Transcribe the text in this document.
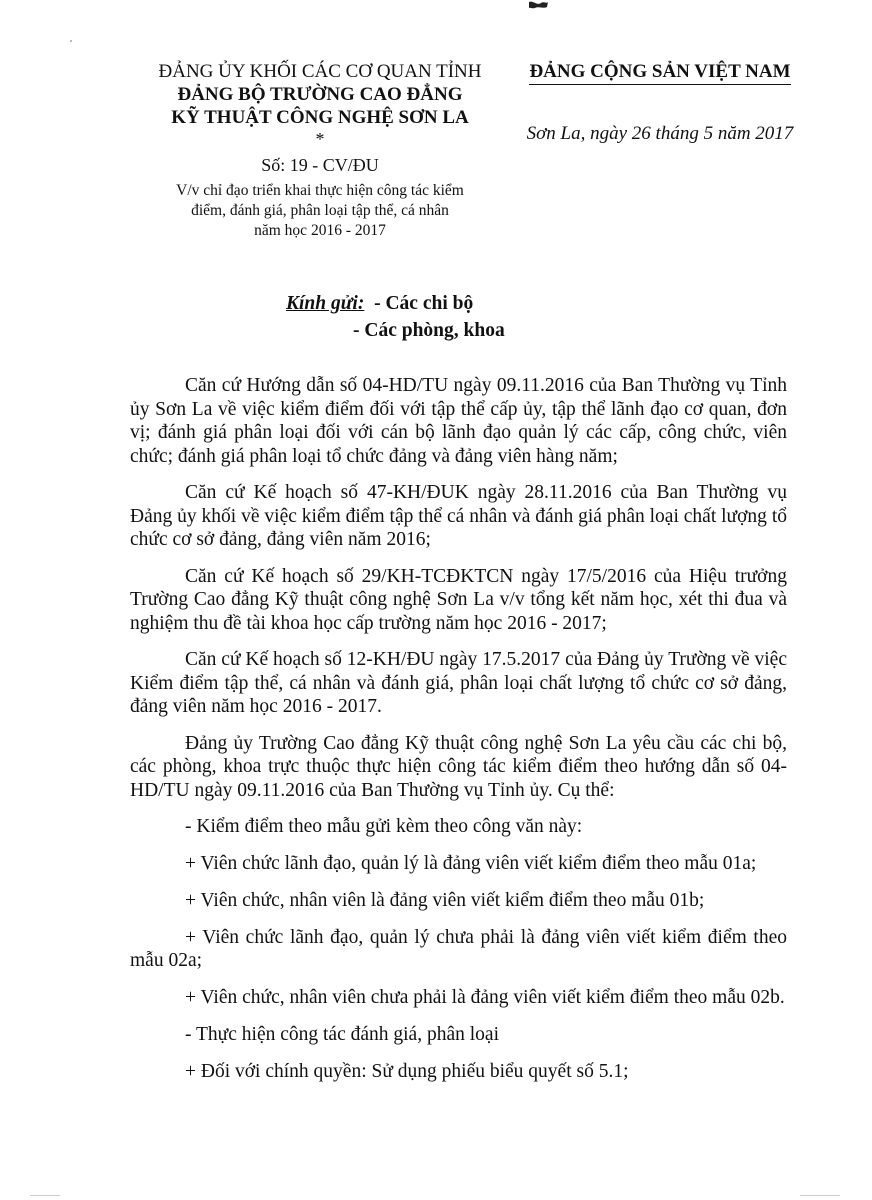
ĐẢNG ỦY KHỐI CÁC CƠ QUAN TỈNH
ĐẢNG BỘ TRƯỜNG CAO ĐẲNG
KỸ THUẬT CÔNG NGHỆ SƠN LA
*
Số: 19 - CV/ĐU
V/v chỉ đạo triển khai thực hiện công tác kiểm
điểm, đánh giá, phân loại tập thể, cá nhân
năm học 2016 - 2017
ĐẢNG CỘNG SẢN VIỆT NAM
Sơn La, ngày 26 tháng 5 năm 2017
Kính gửi: - Các chi bộ
- Các phòng, khoa

Căn cứ Hướng dẫn số 04-HD/TU ngày 09.11.2016 của Ban Thường vụ Tỉnh ủy Sơn La về việc kiểm điểm đối với tập thể cấp ủy, tập thể lãnh đạo cơ quan, đơn vị; đánh giá phân loại đối với cán bộ lãnh đạo quản lý các cấp, công chức, viên chức; đánh giá phân loại tổ chức đảng và đảng viên hàng năm;

Căn cứ Kế hoạch số 47-KH/ĐUK ngày 28.11.2016 của Ban Thường vụ Đảng ủy khối về việc kiểm điểm tập thể cá nhân và đánh giá phân loại chất lượng tổ chức cơ sở đảng, đảng viên năm 2016;

Căn cứ Kế hoạch số 29/KH-TCĐKTCN ngày 17/5/2016 của Hiệu trưởng Trường Cao đẳng Kỹ thuật công nghệ Sơn La v/v tổng kết năm học, xét thi đua và nghiệm thu đề tài khoa học cấp trường năm học 2016 - 2017;

Căn cứ Kế hoạch số 12-KH/ĐU ngày 17.5.2017 của Đảng ủy Trường về việc Kiểm điểm tập thể, cá nhân và đánh giá, phân loại chất lượng tổ chức cơ sở đảng, đảng viên năm học 2016 - 2017.

Đảng ủy Trường Cao đẳng Kỹ thuật công nghệ Sơn La yêu cầu các chi bộ, các phòng, khoa trực thuộc thực hiện công tác kiểm điểm theo hướng dẫn số 04-HD/TU ngày 09.11.2016 của Ban Thường vụ Tỉnh ủy. Cụ thể:

- Kiểm điểm theo mẫu gửi kèm theo công văn này:

+ Viên chức lãnh đạo, quản lý là đảng viên viết kiểm điểm theo mẫu 01a;

+ Viên chức, nhân viên là đảng viên viết kiểm điểm theo mẫu 01b;

+ Viên chức lãnh đạo, quản lý chưa phải là đảng viên viết kiểm điểm theo mẫu 02a;

+ Viên chức, nhân viên chưa phải là đảng viên viết kiểm điểm theo mẫu 02b.

- Thực hiện công tác đánh giá, phân loại

+ Đối với chính quyền: Sử dụng phiếu biểu quyết số 5.1;
